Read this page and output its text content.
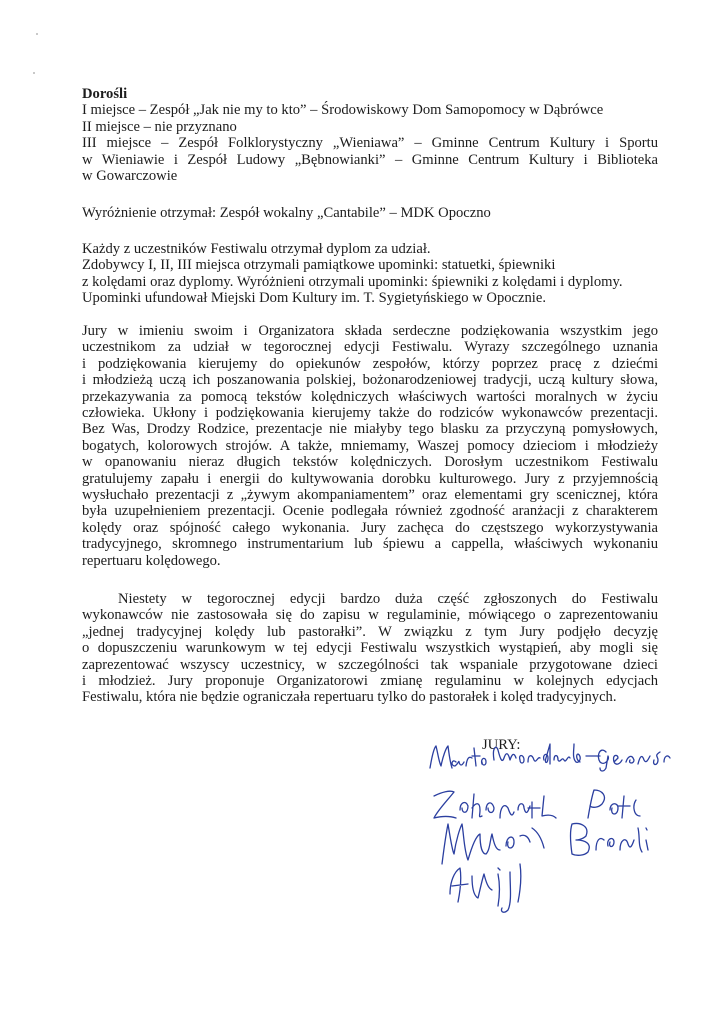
Dorośli
I miejsce – Zespół „Jak nie my to kto” – Środowiskowy Dom Samopomocy w Dąbrówce
II miejsce – nie przyznano
III miejsce – Zespół Folklorystyczny „Wieniawa” – Gminne Centrum Kultury i Sportu
w Wieniawie i Zespół Ludowy „Bębnowianki” – Gminne Centrum Kultury i Biblioteka
w Gowarczowie
Wyróżnienie otrzymał: Zespół wokalny „Cantabile” – MDK Opoczno
Każdy z uczestników Festiwalu otrzymał dyplom za udział.
Zdobywcy I, II, III miejsca otrzymali pamiątkowe upominki: statuetki, śpiewniki
z kolędami oraz dyplomy. Wyróżnieni otrzymali upominki: śpiewniki z kolędami i dyplomy.
Upominki ufundował Miejski Dom Kultury im. T. Sygietyńskiego w Opocznie.
Jury w imieniu swoim i Organizatora składa serdeczne podziękowania wszystkim jego
uczestnikom za udział w tegorocznej edycji Festiwalu. Wyrazy szczególnego uznania
i podziękowania kierujemy do opiekunów zespołów, którzy poprzez pracę z dziećmi
i młodzieżą uczą ich poszanowania polskiej, bożonarodzeniowej tradycji, uczą kultury słowa,
przekazywania za pomocą tekstów kolędniczych właściwych wartości moralnych w życiu
człowieka. Ukłony i podziękowania kierujemy także do rodziców wykonawców prezentacji.
Bez Was, Drodzy Rodzice, prezentacje nie miałyby tego blasku za przyczyną pomysłowych,
bogatych, kolorowych strojów. A także, mniemamy, Waszej pomocy dzieciom i młodzieży
w opanowaniu nieraz długich tekstów kolędniczych. Dorosłym uczestnikom Festiwalu
gratulujemy zapału i energii do kultywowania dorobku kulturowego. Jury z przyjemnością
wysłuchało prezentacji z „żywym akompaniamentem” oraz elementami gry scenicznej, która
była uzupełnieniem prezentacji. Ocenie podlegała również zgodność aranżacji z charakterem
kolędy oraz spójność całego wykonania. Jury zachęca do częstszego wykorzystywania
tradycyjnego, skromnego instrumentarium lub śpiewu a cappella, właściwych wykonaniu
repertuaru kolędowego.
Niestety w tegorocznej edycji bardzo duża część zgłoszonych do Festiwalu
wykonawców nie zastosowała się do zapisu w regulaminie, mówiącego o zaprezentowaniu
„jednej tradycyjnej kolędy lub pastorałki”. W związku z tym Jury podjęło decyzję
o dopuszczeniu warunkowym w tej edycji Festiwalu wszystkich wystąpień, aby mogli się
zaprezentować wszyscy uczestnicy, w szczególności tak wspaniale przygotowane dzieci
i młodzież. Jury proponuje Organizatorowi zmianę regulaminu w kolejnych edycjach
Festiwalu, która nie będzie ograniczała repertuaru tylko do pastorałek i kolęd tradycyjnych.
JURY:
